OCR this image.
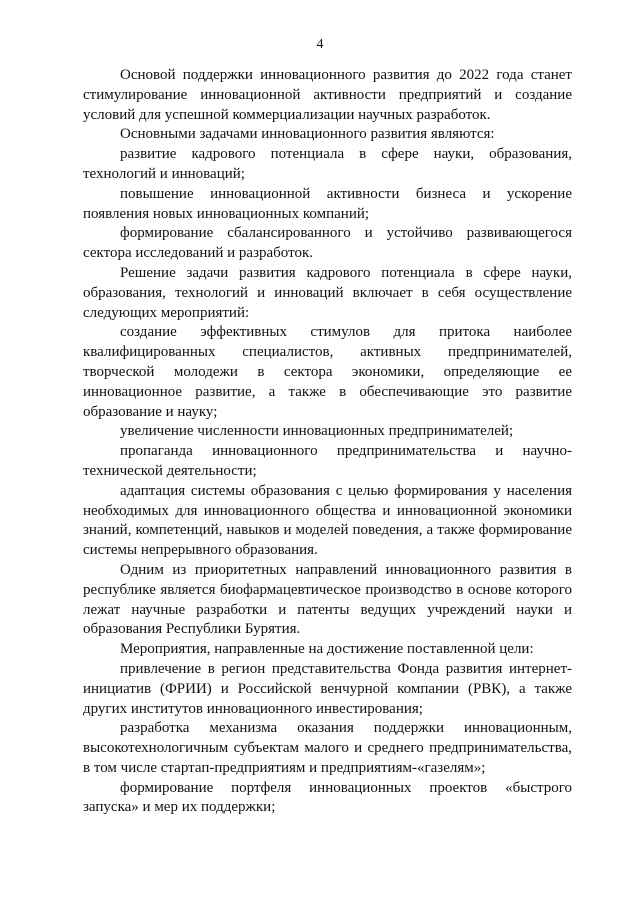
4

Основой поддержки инновационного развития до 2022 года станет стимулирование инновационной активности предприятий и создание условий для успешной коммерциализации научных разработок.

Основными задачами инновационного развития являются:

развитие кадрового потенциала в сфере науки, образования, технологий и инноваций;

повышение инновационной активности бизнеса и ускорение появления новых инновационных компаний;

формирование сбалансированного и устойчиво развивающегося сектора исследований и разработок.

Решение задачи развития кадрового потенциала в сфере науки, образования, технологий и инноваций включает в себя осуществление следующих мероприятий:

создание эффективных стимулов для притока наиболее квалифицированных специалистов, активных предпринимателей, творческой молодежи в сектора экономики, определяющие ее инновационное развитие, а также в обеспечивающие это развитие образование и науку;

увеличение численности инновационных предпринимателей;

пропаганда инновационного предпринимательства и научно-технической деятельности;

адаптация системы образования с целью формирования у населения необходимых для инновационного общества и инновационной экономики знаний, компетенций, навыков и моделей поведения, а также формирование системы непрерывного образования.

Одним из приоритетных направлений инновационного развития в республике является биофармацевтическое производство в основе которого лежат научные разработки и патенты ведущих учреждений науки и образования Республики Бурятия.

Мероприятия, направленные на достижение поставленной цели:

привлечение в регион представительства Фонда развития интернет-инициатив (ФРИИ) и Российской венчурной компании (РВК), а также других институтов инновационного инвестирования;

разработка механизма оказания поддержки инновационным, высокотехнологичным субъектам малого и среднего предпринимательства, в том числе стартап-предприятиям и предприятиям-«газелям»;

формирование портфеля инновационных проектов «быстрого запуска» и мер их поддержки;
